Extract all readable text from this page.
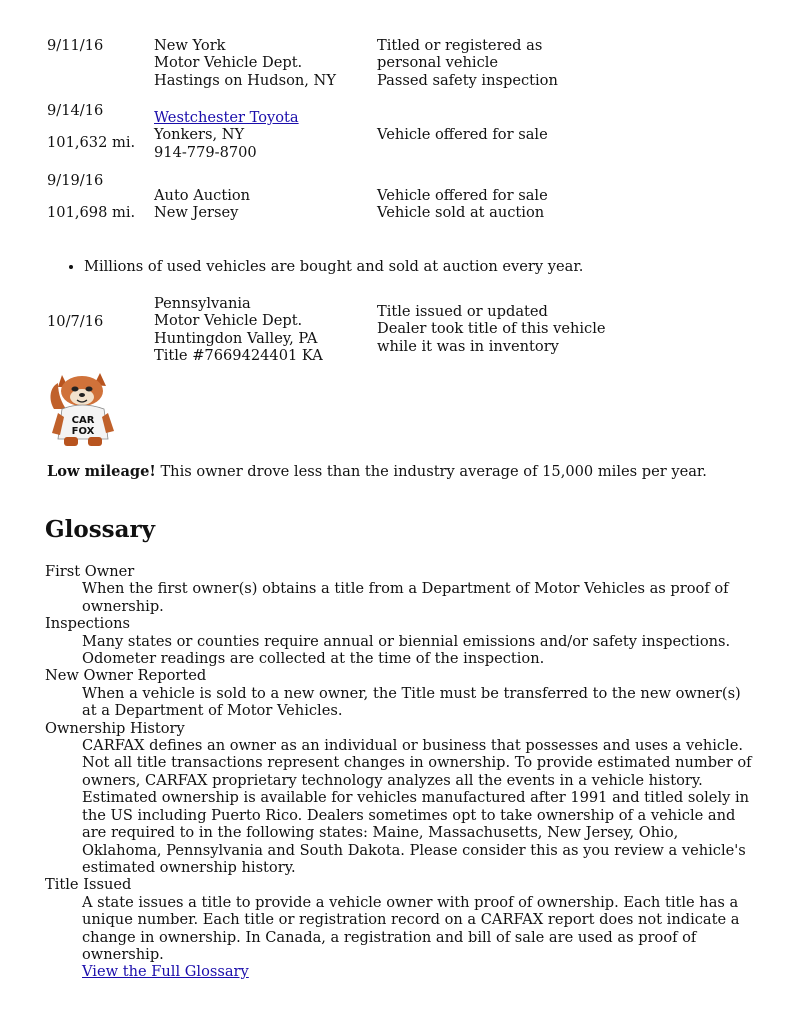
9/11/16	New York
Motor Vehicle Dept.
Hastings on Hudson, NY
Titled or registered as
personal vehicle
Passed safety inspection
9/14/16
101,632 mi.
Westchester Toyota
Yonkers, NY
914-779-8700
Vehicle offered for sale
9/19/16
101,698 mi.
Auto Auction
New Jersey
Vehicle offered for sale
Vehicle sold at auction
• Millions of used vehicles are bought and sold at auction every year.
10/7/16
Pennsylvania
Motor Vehicle Dept.
Huntingdon Valley, PA
Title #7669424401 KA
Title issued or updated
Dealer took title of this vehicle
while it was in inventory
CAR
FOX
Low mileage! This owner drove less than the industry average of 15,000 miles per year.
Glossary
First Owner
When the first owner(s) obtains a title from a Department of Motor Vehicles as proof of ownership.
Inspections
Many states or counties require annual or biennial emissions and/or safety inspections. Odometer readings are collected at the time of the inspection.
New Owner Reported
When a vehicle is sold to a new owner, the Title must be transferred to the new owner(s) at a Department of Motor Vehicles.
Ownership History
CARFAX defines an owner as an individual or business that possesses and uses a vehicle. Not all title transactions represent changes in ownership. To provide estimated number of owners, CARFAX proprietary technology analyzes all the events in a vehicle history. Estimated ownership is available for vehicles manufactured after 1991 and titled solely in the US including Puerto Rico. Dealers sometimes opt to take ownership of a vehicle and are required to in the following states: Maine, Massachusetts, New Jersey, Ohio, Oklahoma, Pennsylvania and South Dakota. Please consider this as you review a vehicle's estimated ownership history.
Title Issued
A state issues a title to provide a vehicle owner with proof of ownership. Each title has a unique number. Each title or registration record on a CARFAX report does not indicate a change in ownership. In Canada, a registration and bill of sale are used as proof of ownership.
View the Full Glossary
